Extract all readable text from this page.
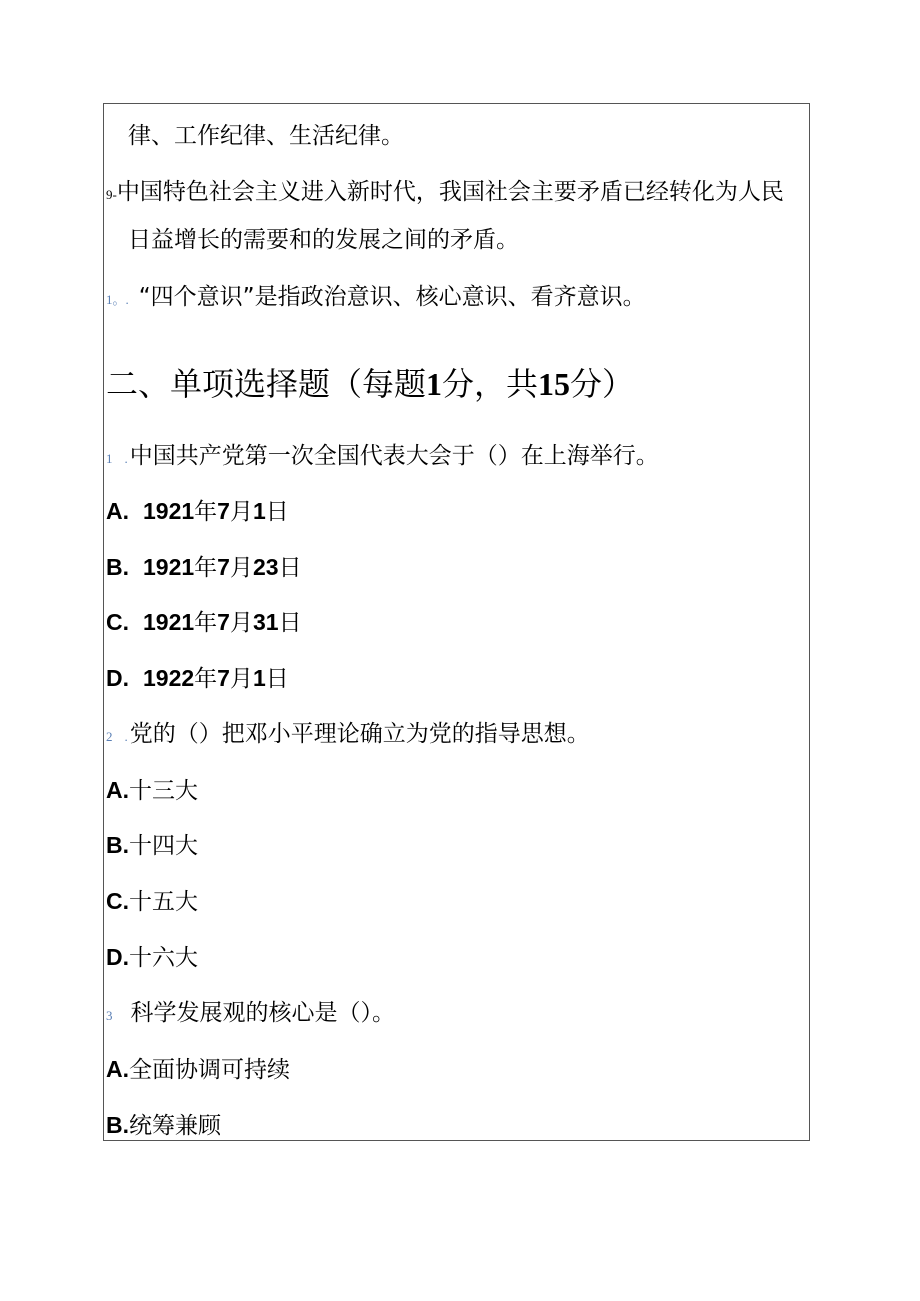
律、工作纪律、生活纪律。
9-中国特色社会主义进入新时代，我国社会主要矛盾已经转化为人民
日益增长的需要和的发展之间的矛盾。
1。. “四个意识”是指政治意识、核心意识、看齐意识。
二、单项选择题（每题1分，共15分）
1 .中国共产党第一次全国代表大会于（）在上海举行。
A. 1921年7月1日
B. 1921年7月23日
C. 1921年7月31日
D. 1922年7月1日
2 .党的（）把邓小平理论确立为党的指导思想。
A.十三大
B.十四大
C.十五大
D.十六大
3 科学发展观的核心是（）。
A.全面协调可持续
B.统筹兼顾
